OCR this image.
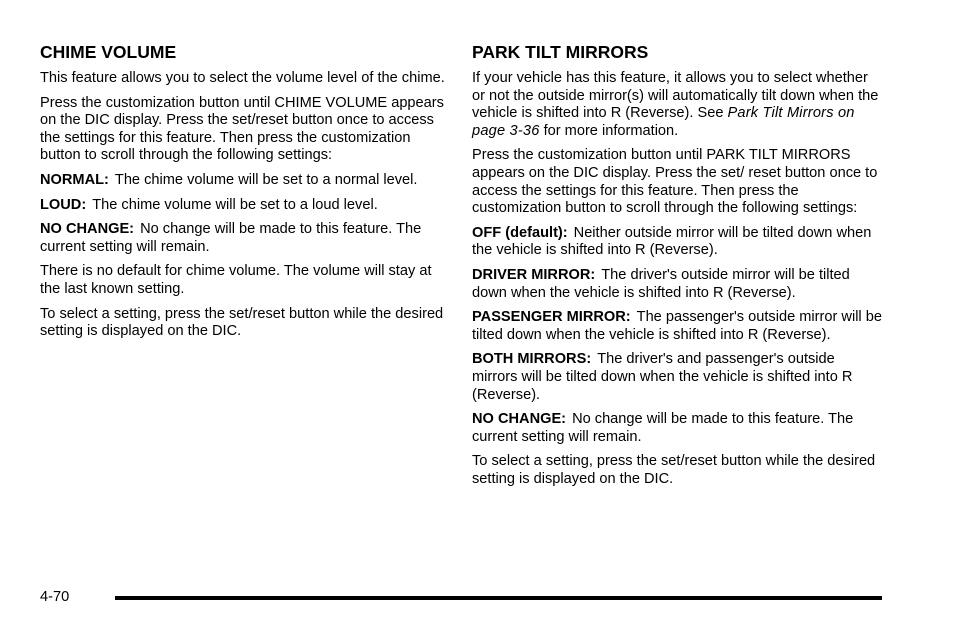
CHIME VOLUME

This feature allows you to select the volume level of the chime.

Press the customization button until CHIME VOLUME appears on the DIC display. Press the set/reset button once to access the settings for this feature. Then press the customization button to scroll through the following settings:

NORMAL: The chime volume will be set to a normal level.

LOUD: The chime volume will be set to a loud level.

NO CHANGE: No change will be made to this feature. The current setting will remain.

There is no default for chime volume. The volume will stay at the last known setting.

To select a setting, press the set/reset button while the desired setting is displayed on the DIC.

PARK TILT MIRRORS

If your vehicle has this feature, it allows you to select whether or not the outside mirror(s) will automatically tilt down when the vehicle is shifted into R (Reverse). See Park Tilt Mirrors on page 3-36 for more information.

Press the customization button until PARK TILT MIRRORS appears on the DIC display. Press the set/ reset button once to access the settings for this feature. Then press the customization button to scroll through the following settings:

OFF (default): Neither outside mirror will be tilted down when the vehicle is shifted into R (Reverse).

DRIVER MIRROR: The driver's outside mirror will be tilted down when the vehicle is shifted into R (Reverse).

PASSENGER MIRROR: The passenger's outside mirror will be tilted down when the vehicle is shifted into R (Reverse).

BOTH MIRRORS: The driver's and passenger's outside mirrors will be tilted down when the vehicle is shifted into R (Reverse).

NO CHANGE: No change will be made to this feature. The current setting will remain.

To select a setting, press the set/reset button while the desired setting is displayed on the DIC.

4-70
